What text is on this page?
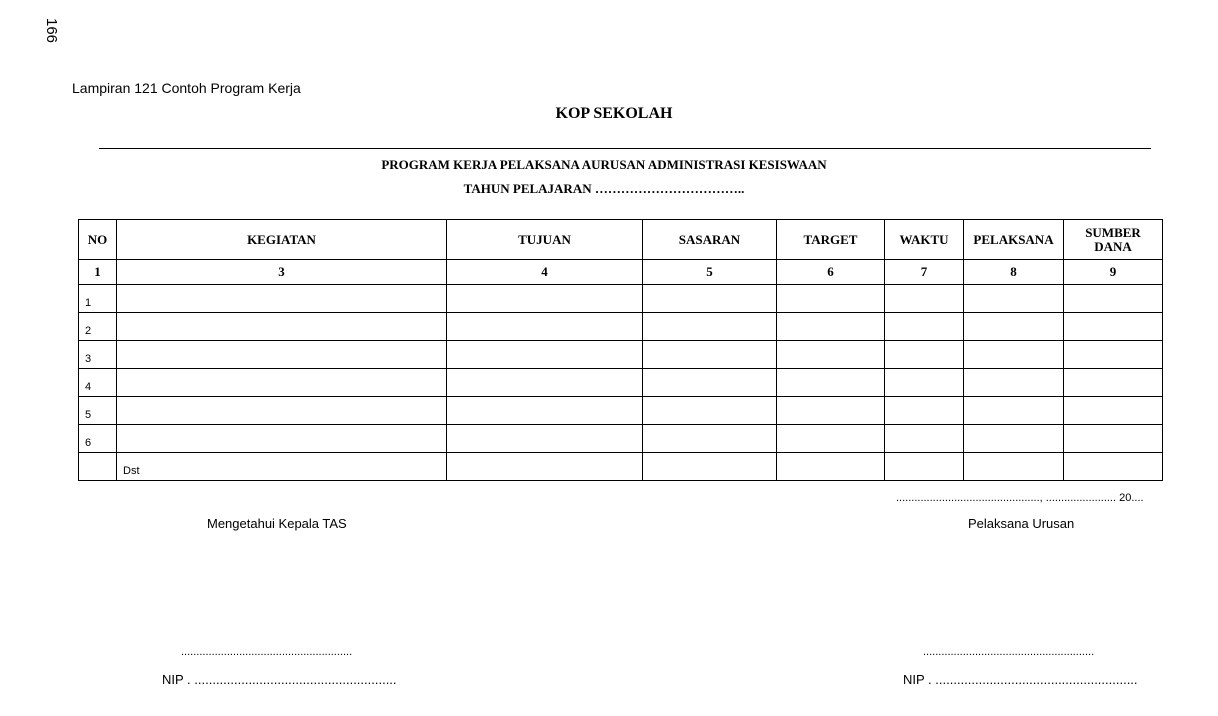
166
Lampiran 121 Contoh Program Kerja
KOP SEKOLAH
PROGRAM KERJA PELAKSANA AURUSAN ADMINISTRASI KESISWAAN
TAHUN PELAJARAN ……………………………..
NO	KEGIATAN	TUJUAN	SASARAN	TARGET	WAKTU	PELAKSANA	SUMBER DANA
1	3	4	5	6	7	8	9
1							
2							
3							
4							
5							
6							
	Dst						
..............................................., ....................... 20....
Mengetahui Kepala TAS	Pelaksana Urusan
........................................................	........................................................
NIP . ........................................................	NIP . ........................................................
